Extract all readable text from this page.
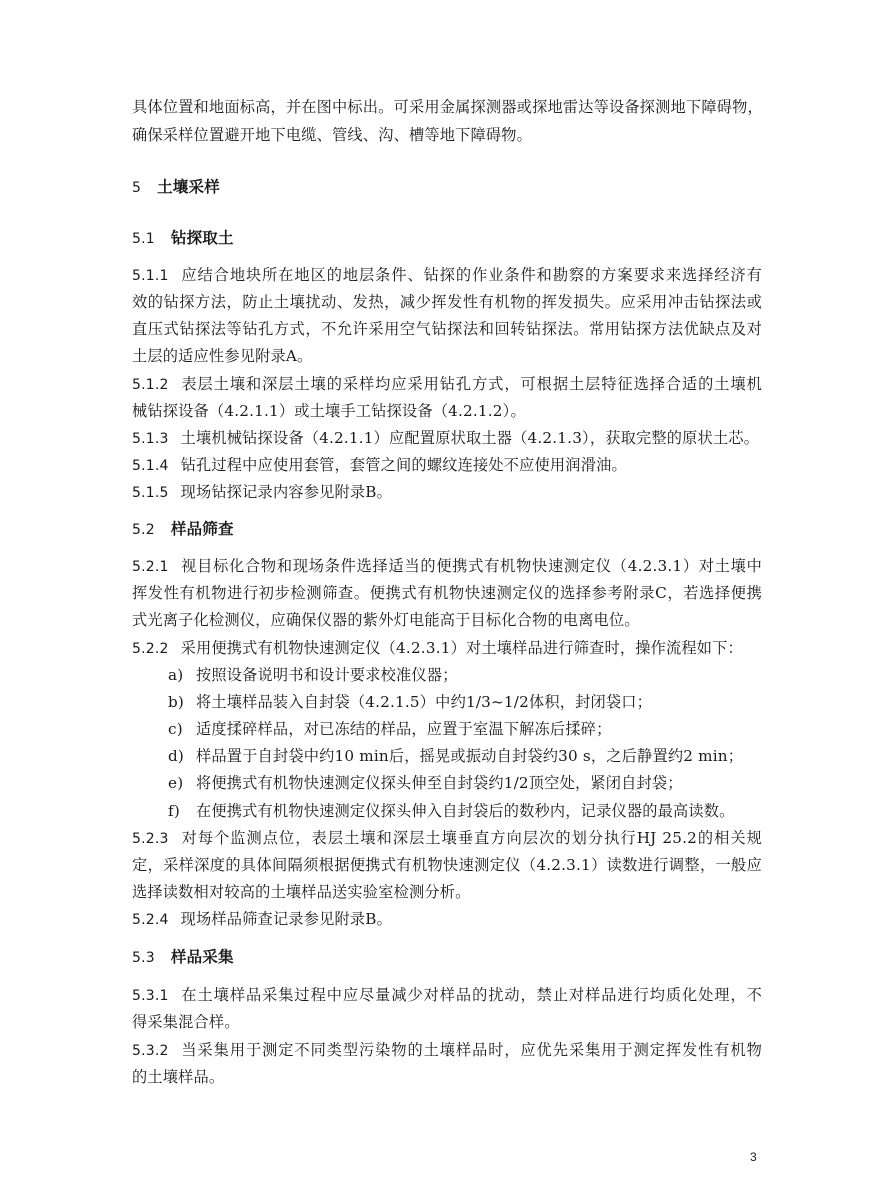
具体位置和地面标高，并在图中标出。可采用金属探测器或探地雷达等设备探测地下障碍物，
确保采样位置避开地下电缆、管线、沟、槽等地下障碍物。
5 土壤采样
5.1 钻探取土
5.1.1 应结合地块所在地区的地层条件、钻探的作业条件和勘察的方案要求来选择经济有
效的钻探方法，防止土壤扰动、发热，减少挥发性有机物的挥发损失。应采用冲击钻探法或
直压式钻探法等钻孔方式，不允许采用空气钻探法和回转钻探法。常用钻探方法优缺点及对
土层的适应性参见附录A。
5.1.2 表层土壤和深层土壤的采样均应采用钻孔方式，可根据土层特征选择合适的土壤机
械钻探设备（4.2.1.1）或土壤手工钻探设备（4.2.1.2）。
5.1.3 土壤机械钻探设备（4.2.1.1）应配置原状取土器（4.2.1.3），获取完整的原状土芯。
5.1.4 钻孔过程中应使用套管，套管之间的螺纹连接处不应使用润滑油。
5.1.5 现场钻探记录内容参见附录B。
5.2 样品筛查
5.2.1 视目标化合物和现场条件选择适当的便携式有机物快速测定仪（4.2.3.1）对土壤中
挥发性有机物进行初步检测筛查。便携式有机物快速测定仪的选择参考附录C，若选择便携
式光离子化检测仪，应确保仪器的紫外灯电能高于目标化合物的电离电位。
5.2.2 采用便携式有机物快速测定仪（4.2.3.1）对土壤样品进行筛查时，操作流程如下：
a) 按照设备说明书和设计要求校准仪器；
b) 将土壤样品装入自封袋（4.2.1.5）中约1/3~1/2体积，封闭袋口；
c) 适度揉碎样品，对已冻结的样品，应置于室温下解冻后揉碎；
d) 样品置于自封袋中约10 min后，摇晃或振动自封袋约30 s，之后静置约2 min；
e) 将便携式有机物快速测定仪探头伸至自封袋约1/2顶空处，紧闭自封袋；
f) 在便携式有机物快速测定仪探头伸入自封袋后的数秒内，记录仪器的最高读数。
5.2.3 对每个监测点位，表层土壤和深层土壤垂直方向层次的划分执行HJ 25.2的相关规
定，采样深度的具体间隔须根据便携式有机物快速测定仪（4.2.3.1）读数进行调整，一般应
选择读数相对较高的土壤样品送实验室检测分析。
5.2.4 现场样品筛查记录参见附录B。
5.3 样品采集
5.3.1 在土壤样品采集过程中应尽量减少对样品的扰动，禁止对样品进行均质化处理，不
得采集混合样。
5.3.2 当采集用于测定不同类型污染物的土壤样品时，应优先采集用于测定挥发性有机物
的土壤样品。
3
